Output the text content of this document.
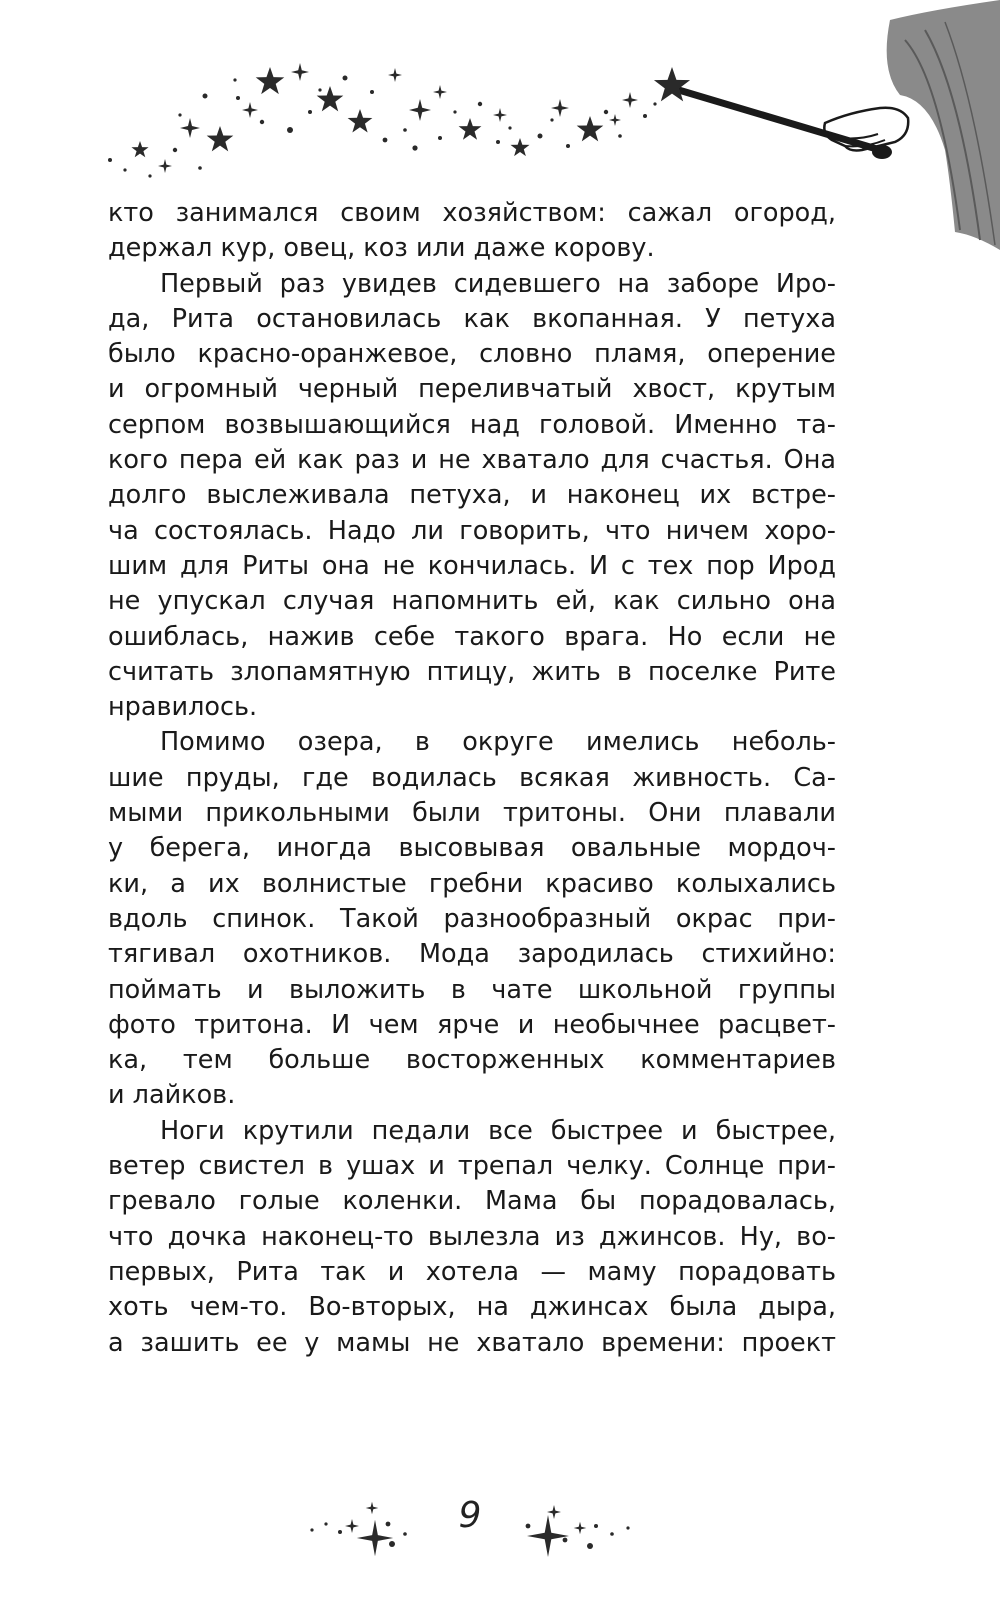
кто занимался своим хозяйством: сажал огород,
держал кур, овец, коз или даже корову.
Первый раз увидев сидевшего на заборе Иро-
да, Рита остановилась как вкопанная. У петуха
было красно-оранжевое, словно пламя, оперение
и огромный черный переливчатый хвост, крутым
серпом возвышающийся над головой. Именно та-
кого пера ей как раз и не хватало для счастья. Она
долго выслеживала петуха, и наконец их встре-
ча состоялась. Надо ли говорить, что ничем хоро-
шим для Риты она не кончилась. И с тех пор Ирод
не упускал случая напомнить ей, как сильно она
ошиблась, нажив себе такого врага. Но если не
считать злопамятную птицу, жить в поселке Рите
нравилось.
Помимо озера, в округе имелись неболь-
шие пруды, где водилась всякая живность. Са-
мыми прикольными были тритоны. Они плавали
у берега, иногда высовывая овальные мордоч-
ки, а их волнистые гребни красиво колыхались
вдоль спинок. Такой разнообразный окрас при-
тягивал охотников. Мода зародилась стихийно:
поймать и выложить в чате школьной группы
фото тритона. И чем ярче и необычнее расцвет-
ка, тем больше восторженных комментариев
и лайков.
Ноги крутили педали все быстрее и быстрее,
ветер свистел в ушах и трепал челку. Солнце при-
гревало голые коленки. Мама бы порадовалась,
что дочка наконец-то вылезла из джинсов. Ну, во-
первых, Рита так и хотела — маму порадовать
хоть чем-то. Во-вторых, на джинсах была дыра,
а зашить ее у мамы не хватало времени: проект
9
